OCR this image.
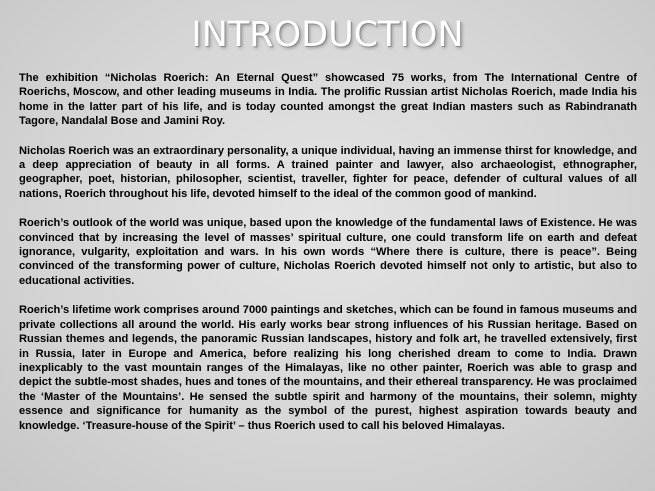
INTRODUCTION

The exhibition “Nicholas Roerich: An Eternal Quest” showcased 75 works, from The International Centre of Roerichs, Moscow, and other leading museums in India. The prolific Russian artist Nicholas Roerich, made India his home in the latter part of his life, and is today counted amongst the great Indian masters such as Rabindranath Tagore, Nandalal Bose and Jamini Roy.

Nicholas Roerich was an extraordinary personality, a unique individual, having an immense thirst for knowledge, and a deep appreciation of beauty in all forms. A trained painter and lawyer, also archaeologist, ethnographer, geographer, poet, historian, philosopher, scientist, traveller, fighter for peace, defender of cultural values of all nations, Roerich throughout his life, devoted himself to the ideal of the common good of mankind.

Roerich’s outlook of the world was unique, based upon the knowledge of the fundamental laws of Existence. He was convinced that by increasing the level of masses’ spiritual culture, one could transform life on earth and defeat ignorance, vulgarity, exploitation and wars. In his own words “Where there is culture, there is peace”. Being convinced of the transforming power of culture, Nicholas Roerich devoted himself not only to artistic, but also to educational activities.

Roerich’s lifetime work comprises around 7000 paintings and sketches, which can be found in famous museums and private collections all around the world. His early works bear strong influences of his Russian heritage. Based on Russian themes and legends, the panoramic Russian landscapes, history and folk art, he travelled extensively, first in Russia, later in Europe and America, before realizing his long cherished dream to come to India. Drawn inexplicably to the vast mountain ranges of the Himalayas, like no other painter, Roerich was able to grasp and depict the subtle-most shades, hues and tones of the mountains, and their ethereal transparency. He was proclaimed the ‘Master of the Mountains’. He sensed the subtle spirit and harmony of the mountains, their solemn, mighty essence and significance for humanity as the symbol of the purest, highest aspiration towards beauty and knowledge. ‘Treasure-house of the Spirit’ – thus Roerich used to call his beloved Himalayas.
